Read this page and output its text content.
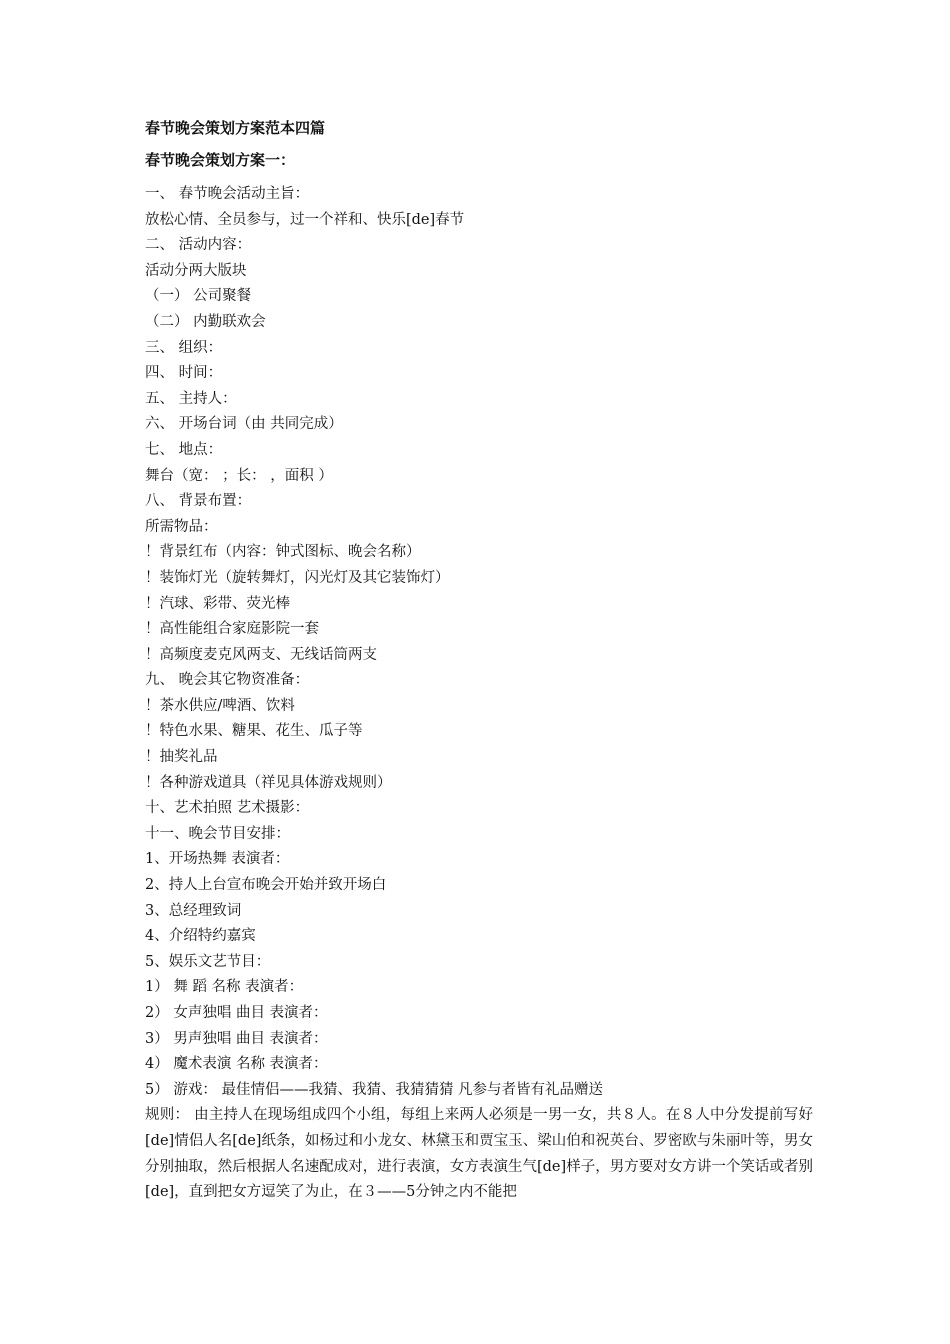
春节晚会策划方案范本四篇
春节晚会策划方案一：
一、 春节晚会活动主旨：
放松心情、全员参与，过一个祥和、快乐[de]春节
二、 活动内容：
活动分两大版块
（一） 公司聚餐
（二） 内勤联欢会
三、 组织：
四、 时间：
五、 主持人：
六、 开场台词（由 共同完成）
七、 地点：
舞台（宽： ；长： ，面积 ）
八、 背景布置：
所需物品：
！背景红布（内容：钟式图标、晚会名称）
！装饰灯光（旋转舞灯，闪光灯及其它装饰灯）
！汽球、彩带、荧光棒
！高性能组合家庭影院一套
！高频度麦克风两支、无线话筒两支
九、 晚会其它物资准备：
！茶水供应/啤酒、饮料
！特色水果、糖果、花生、瓜子等
！抽奖礼品
！各种游戏道具（祥见具体游戏规则）
十、艺术拍照 艺术摄影：
十一、晚会节目安排：
1、开场热舞 表演者：
2、持人上台宣布晚会开始并致开场白
3、总经理致词
4、介绍特约嘉宾
5、娱乐文艺节目：
1） 舞 蹈 名称 表演者：
2） 女声独唱 曲目 表演者：
3） 男声独唱 曲目 表演者：
4） 魔术表演 名称 表演者：
5） 游戏： 最佳情侣——我猜、我猜、我猜猜猜 凡参与者皆有礼品赠送
规则： 由主持人在现场组成四个小组，每组上来两人必须是一男一女，共８人。在８人中分发提前写好[de]情侣人名[de]纸条，如杨过和小龙女、林黛玉和贾宝玉、梁山伯和祝英台、罗密欧与朱丽叶等，男女分别抽取，然后根据人名速配成对，进行表演，女方表演生气[de]样子，男方要对女方讲一个笑话或者别[de]，直到把女方逗笑了为止，在３——5分钟之内不能把
